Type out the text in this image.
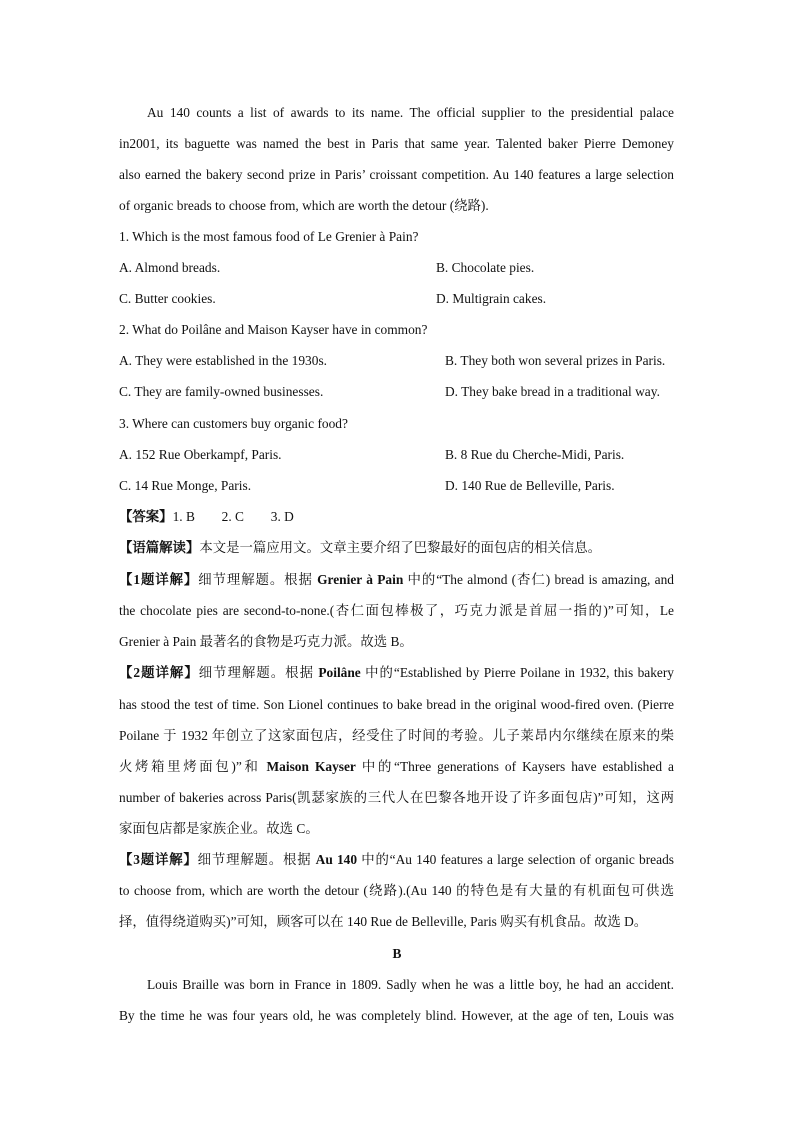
Au 140 counts a list of awards to its name. The official supplier to the presidential palace
in2001, its baguette was named the best in Paris that same year. Talented baker Pierre Demoney
also earned the bakery second prize in Paris’ croissant competition. Au 140 features a large selection
of organic breads to choose from, which are worth the detour (绕路).
1. Which is the most famous food of Le Grenier à Pain?
A. Almond breads.	B. Chocolate pies.
C. Butter cookies.	D. Multigrain cakes.
2. What do Poilâne and Maison Kayser have in common?
A. They were established in the 1930s.	B. They both won several prizes in Paris.
C. They are family-owned businesses.	D. They bake bread in a traditional way.
3. Where can customers buy organic food?
A. 152 Rue Oberkampf, Paris.	B. 8 Rue du Cherche-Midi, Paris.
C. 14 Rue Monge, Paris.	D. 140 Rue de Belleville, Paris.
【答案】1. B        2. C        3. D
【语篇解读】本文是一篇应用文。文章主要介绍了巴黎最好的面包店的相关信息。
【1题详解】细节理解题。根据 Grenier à Pain 中的“The almond (杏仁) bread is amazing, and
the chocolate pies are second-to-none.(杏仁面包棒极了，巧克力派是首屈一指的)”可知，Le
Grenier à Pain 最著名的食物是巧克力派。故选 B。
【2题详解】细节理解题。根据 Poilâne 中的“Established by Pierre Poilane in 1932, this bakery
has stood the test of time. Son Lionel continues to bake bread in the original wood-fired oven. (Pierre
Poilane 于 1932 年创立了这家面包店，经受住了时间的考验。儿子莱昂内尔继续在原来的柴
火烤箱里烤面包)”和 Maison Kayser 中的“Three generations of Kaysers have established a
number of bakeries across Paris(凯瑟家族的三代人在巴黎各地开设了许多面包店)”可知，这两
家面包店都是家族企业。故选 C。
【3题详解】细节理解题。根据 Au 140 中的“Au 140 features a large selection of organic breads
to choose from, which are worth the detour (绕路).(Au 140 的特色是有大量的有机面包可供选
择，值得绕道购买)”可知，顾客可以在 140 Rue de Belleville, Paris 购买有机食品。故选 D。
B
Louis Braille was born in France in 1809. Sadly when he was a little boy, he had an accident.
By the time he was four years old, he was completely blind. However, at the age of ten, Louis was
